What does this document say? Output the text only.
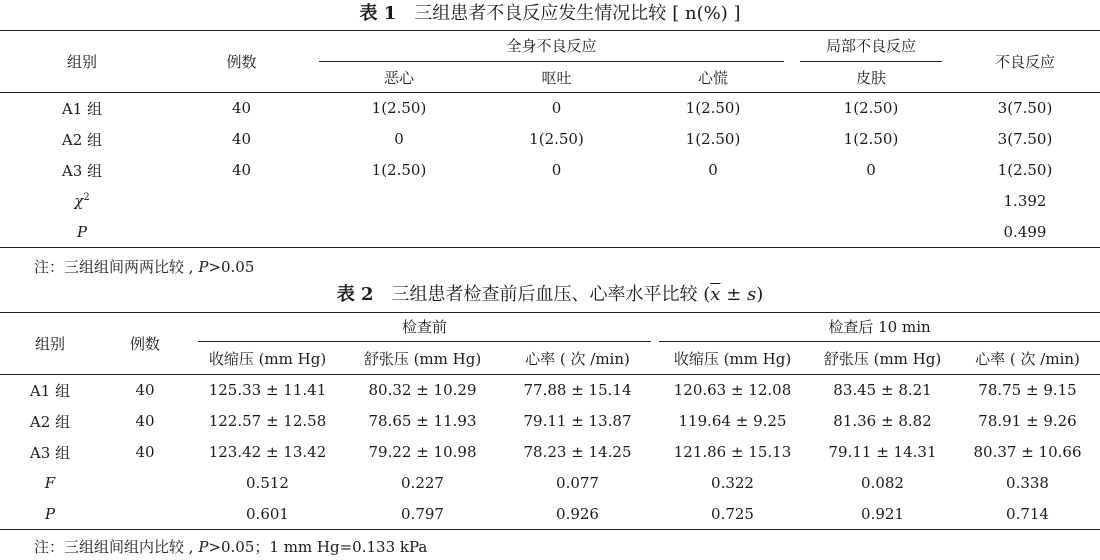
表 1 三组患者不良反应发生情况比较 [ n(%) ]
组别	例数	全身不良反应			局部不良反应	不良反应
		恶心	呕吐	心慌	皮肤	
A1 组	40	1(2.50)	0	1(2.50)	1(2.50)	3(7.50)
A2 组	40	0	1(2.50)	1(2.50)	1(2.50)	3(7.50)
A3 组	40	1(2.50)	0	0	0	1(2.50)
$\chi^2$						1.392
P						0.499
注：三组组间两两比较 , P>0.05
表 2 三组患者检查前后血压、心率水平比较 $(\overline{x} \pm s)$
组别	例数	检查前			检查后 10 min		

		收缩压 (mm Hg)	舒张压 (mm Hg)	心率 ( 次 /min)	收缩压 (mm Hg)	舒张压 (mm Hg)	心率 ( 次 /min)
A1 组	40	125.33 ± 11.41	80.32 ± 10.29	77.88 ± 15.14	120.63 ± 12.08	83.45 ± 8.21	78.75 ± 9.15
A2 组	40	122.57 ± 12.58	78.65 ± 11.93	79.11 ± 13.87	119.64 ± 9.25	81.36 ± 8.82	78.91 ± 9.26
A3 组	40	123.42 ± 13.42	79.22 ± 10.98	78.23 ± 14.25	121.86 ± 15.13	79.11 ± 14.31	80.37 ± 10.66
F		0.512	0.227	0.077	0.322	0.082	0.338
P		0.601	0.797	0.926	0.725	0.921	0.714
注：三组组间组内比较 , P>0.05；1 mm Hg=0.133 kPa
